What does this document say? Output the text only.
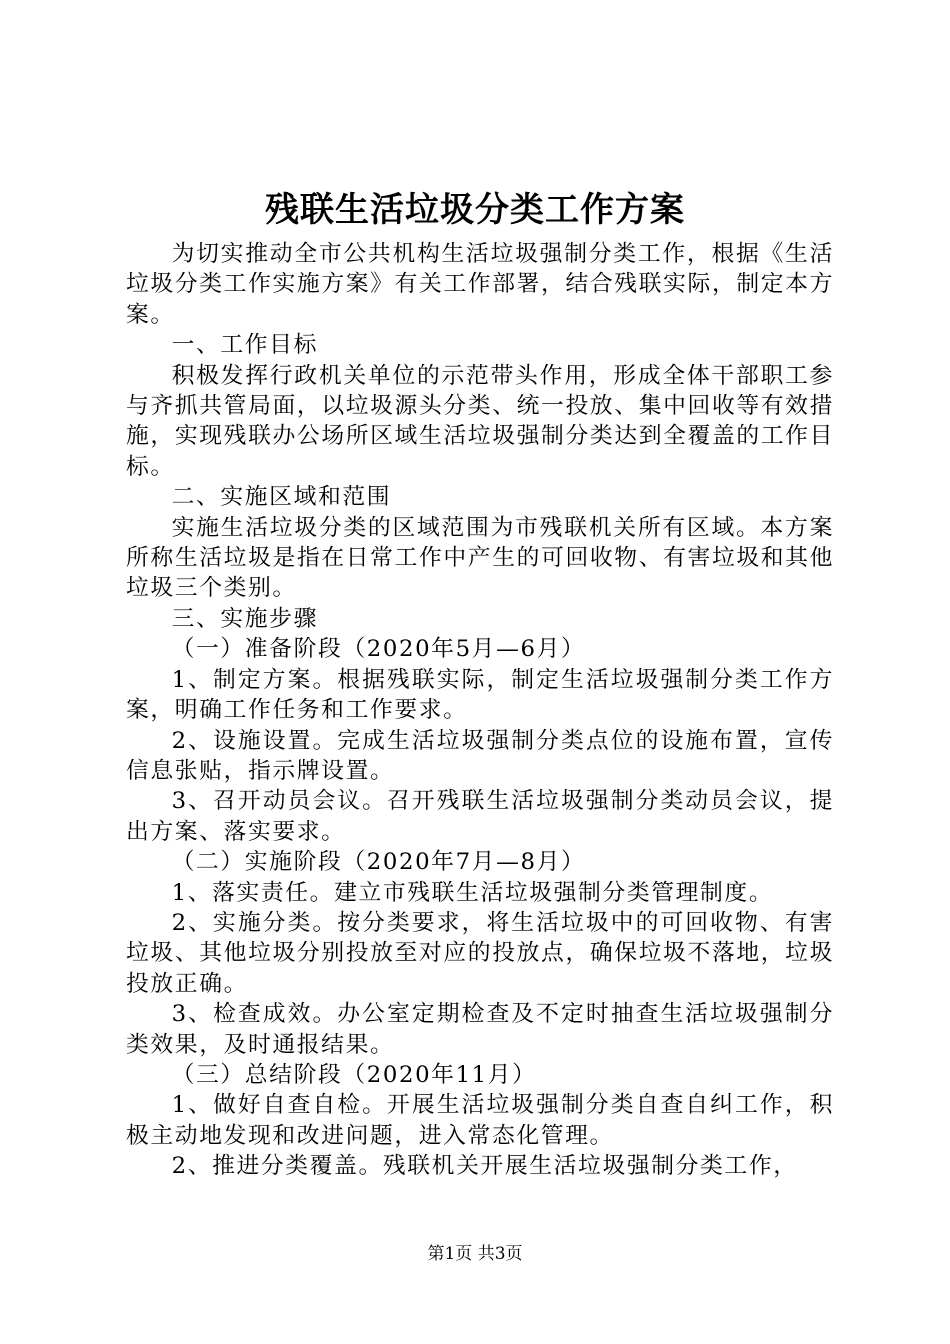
残联生活垃圾分类工作方案

为切实推动全市公共机构生活垃圾强制分类工作，根据《生活垃圾分类工作实施方案》有关工作部署，结合残联实际，制定本方案。

一、工作目标

积极发挥行政机关单位的示范带头作用，形成全体干部职工参与齐抓共管局面，以垃圾源头分类、统一投放、集中回收等有效措施，实现残联办公场所区域生活垃圾强制分类达到全覆盖的工作目标。

二、实施区域和范围

实施生活垃圾分类的区域范围为市残联机关所有区域。本方案所称生活垃圾是指在日常工作中产生的可回收物、有害垃圾和其他垃圾三个类别。

三、实施步骤

（一）准备阶段（2020年5月—6月）

1、制定方案。根据残联实际，制定生活垃圾强制分类工作方案，明确工作任务和工作要求。

2、设施设置。完成生活垃圾强制分类点位的设施布置，宣传信息张贴，指示牌设置。

3、召开动员会议。召开残联生活垃圾强制分类动员会议，提出方案、落实要求。

（二）实施阶段（2020年7月—8月）

1、落实责任。建立市残联生活垃圾强制分类管理制度。

2、实施分类。按分类要求，将生活垃圾中的可回收物、有害垃圾、其他垃圾分别投放至对应的投放点，确保垃圾不落地，垃圾投放正确。

3、检查成效。办公室定期检查及不定时抽查生活垃圾强制分类效果，及时通报结果。

（三）总结阶段（2020年11月）

1、做好自查自检。开展生活垃圾强制分类自查自纠工作，积极主动地发现和改进问题，进入常态化管理。

2、推进分类覆盖。残联机关开展生活垃圾强制分类工作，

第1页 共3页
